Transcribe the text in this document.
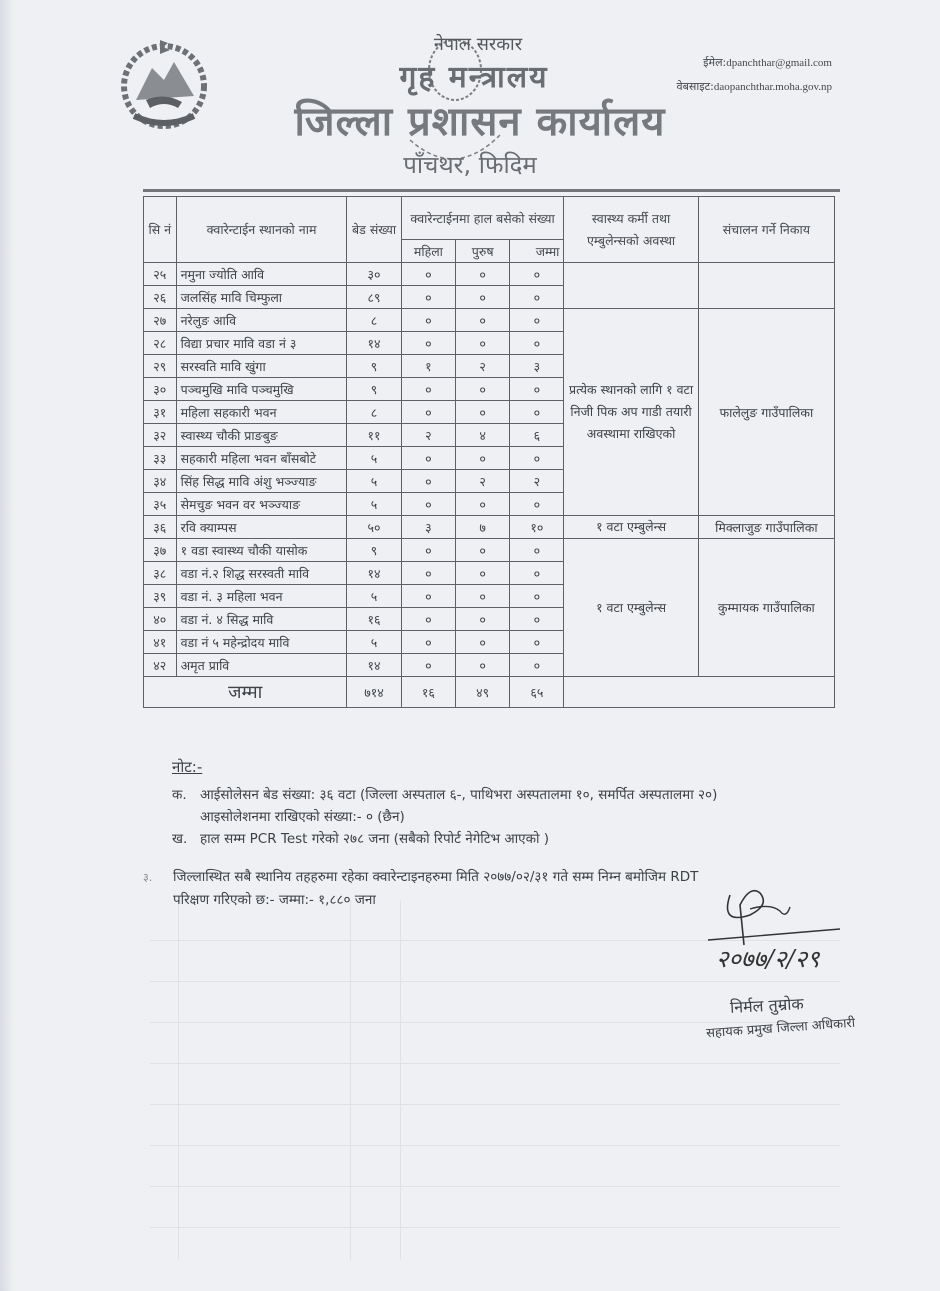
नेपाल सरकार
गृह मन्त्रालय
जिल्ला प्रशासन कार्यालय
पाँचथर, फिदिम
ईमेल:dpanchthar@gmail.com
वेबसाइट:daopanchthar.moha.gov.np
सि नं	क्वारेन्टाईन स्थानको नाम	बेड संख्या	क्वारेन्टाईनमा हाल बसेको संख्या			स्वास्थ्य कर्मी तथा एम्बुलेन्सको अवस्था	संचालन गर्ने निकाय
			महिला	पुरुष	जम्मा		
२५	नमुना ज्योति आवि	३०	०	०	०		
२६	जलसिंह मावि चिम्फुला	८९	०	०	०		
२७	नरेलुङ आवि	८	०	०	०	प्रत्येक स्थानको लागि १ वटा निजी पिक अप गाडी तयारी अवस्थामा राखिएको	फालेलुङ गाउँपालिका
२८	विद्या प्रचार मावि वडा नं ३	१४	०	०	०		
२९	सरस्वति मावि खुंगा	९	१	२	३		
३०	पञ्चमुखि मावि पञ्चमुखि	९	०	०	०		
३१	महिला सहकारी भवन	८	०	०	०		
३२	स्वास्थ्य चौकी प्राङबुङ	११	२	४	६		
३३	सहकारी महिला भवन बाँसबोटे	५	०	०	०		
३४	सिंह सिद्ध मावि अंशु भञ्ज्याङ	५	०	२	२		
३५	सेमचुङ भवन वर भञ्ज्याङ	५	०	०	०		
३६	रवि क्याम्पस	५०	३	७	१०	१ वटा एम्बुलेन्स	मिक्लाजुङ गाउँपालिका
३७	१ वडा स्वास्थ्य चौकी यासोक	९	०	०	०	१ वटा एम्बुलेन्स	कुम्मायक गाउँपालिका
३८	वडा नं.२ शिद्ध सरस्वती मावि	१४	०	०	०		
३९	वडा नं. ३ महिला भवन	५	०	०	०		
४०	वडा नं. ४ सिद्ध मावि	१६	०	०	०		
४१	वडा नं ५ महेन्द्रोदय मावि	५	०	०	०		
४२	अमृत प्रावि	१४	०	०	०		
जम्मा		७१४	१६	४९	६५		
नोट:-
क. आईसोलेसन बेड संख्या: ३६ वटा (जिल्ला अस्पताल ६-, पाथिभरा अस्पतालमा १०, समर्पित अस्पतालमा २०)
आइसोलेशनमा राखिएको संख्या:- ० (छैन)
ख. हाल सम्म PCR Test गरेको २७८ जना (सबैको रिपोर्ट नेगेटिभ आएको )
३. जिल्लास्थित सबै स्थानिय तहहरुमा रहेका क्वारेन्टाइनहरुमा मिति २०७७/०२/३१ गते सम्म निम्न बमोजिम RDT
परिक्षण गरिएको छ:- जम्मा:- १,८८० जना
२०७७/२/२९
निर्मल तुम्रोक
सहायक प्रमुख जिल्ला अधिकारी
